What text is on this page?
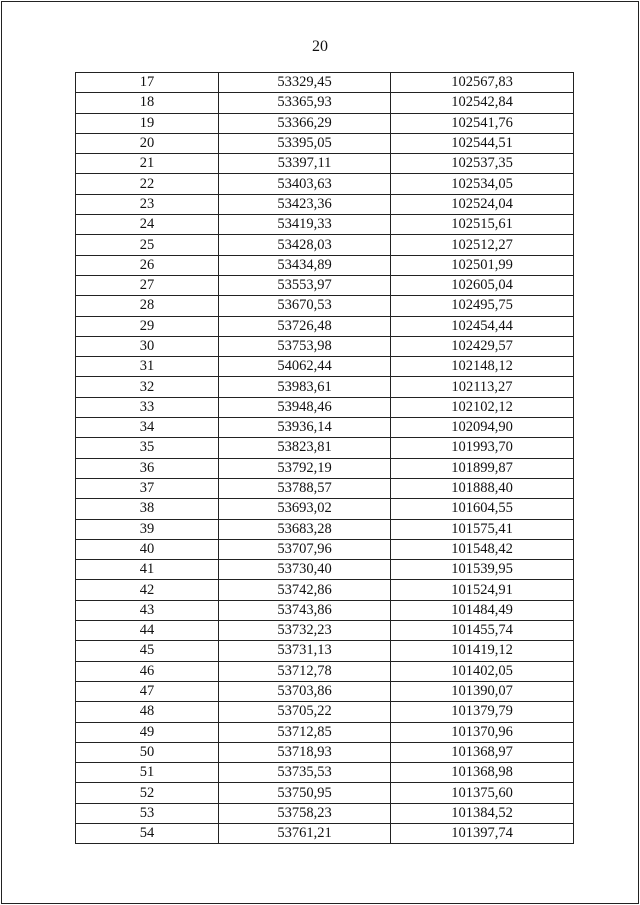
20
17	53329,45	102567,83
18	53365,93	102542,84
19	53366,29	102541,76
20	53395,05	102544,51
21	53397,11	102537,35
22	53403,63	102534,05
23	53423,36	102524,04
24	53419,33	102515,61
25	53428,03	102512,27
26	53434,89	102501,99
27	53553,97	102605,04
28	53670,53	102495,75
29	53726,48	102454,44
30	53753,98	102429,57
31	54062,44	102148,12
32	53983,61	102113,27
33	53948,46	102102,12
34	53936,14	102094,90
35	53823,81	101993,70
36	53792,19	101899,87
37	53788,57	101888,40
38	53693,02	101604,55
39	53683,28	101575,41
40	53707,96	101548,42
41	53730,40	101539,95
42	53742,86	101524,91
43	53743,86	101484,49
44	53732,23	101455,74
45	53731,13	101419,12
46	53712,78	101402,05
47	53703,86	101390,07
48	53705,22	101379,79
49	53712,85	101370,96
50	53718,93	101368,97
51	53735,53	101368,98
52	53750,95	101375,60
53	53758,23	101384,52
54	53761,21	101397,74
